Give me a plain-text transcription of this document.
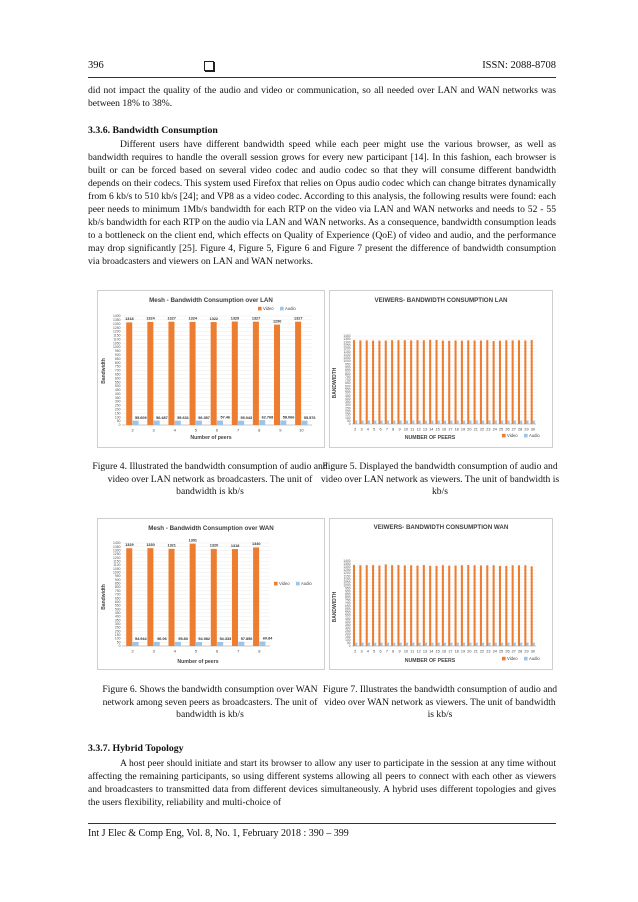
396	ISSN: 2088-8708

did not impact the quality of the audio and video or communication, so all needed over LAN and WAN networks was between 18% to 38%.

3.3.6. Bandwidth Consumption

Different users have different bandwidth speed while each peer might use the various browser, as well as bandwidth requires to handle the overall session grows for every new participant [14]. In this fashion, each browser is built or can be forced based on several video codec and audio codec so that they will consume different bandwidth depends on their codecs. This system used Firefox that relies on Opus audio codec which can change bitrates dynamically from 6 kb/s to 510 kb/s [24]; and VP8 as a video codec. According to this analysis, the following results were found: each peer needs to minimum 1Mb/s bandwidth for each RTP on the video via LAN and WAN networks and needs to 52 - 55 kb/s bandwidth for each RTP on the audio via LAN and WAN networks. As a consequence, bandwidth consumption leads to a bottleneck on the client end, which effects on Quality of Experience (QoE) of video and audio, and the performance may drop significantly [25]. Figure 4, Figure 5, Figure 6 and Figure 7 present the difference of bandwidth consumption via broadcasters and viewers on LAN and WAN networks.

Mesh - Bandwidth Consumption over LAN
0
50
100
150
200
250
300
350
400
450
500
550
600
650
700
750
800
850
900
950
1000
1050
1100
1150
1200
1250
1300
1350
1400
1318
55.609
2
1324
56.487
3
1327
55.631
4
1324
56.357
5
1322
57.46
6
1329
55.043
7
1327
62.768
8
1290
58.066
9
1327
55.576
10
Number of peers
Bandwidth
Video	Audio
VEIWERS- BANDWIDTH CONSUMPTION LAN
0
50
100
150
200
250
300
350
400
450
500
550
600
650
700
750
800
850
900
950
1000
1050
1100
1150
1200
1250
1300
1350
1400
2 3 4 5 6 7 8 9 10 11 12 13 14 15 16 17 18 19 20 21 22 23 24 25 26 27 28 29 30
NUMBER OF PEERS
BANDWIDTH
Video	Audio
Figure 4. Illustrated the bandwidth consumption of audio and video over LAN network as broadcasters. The unit of bandwidth is kb/s
Figure 5. Displayed the bandwidth consumption of audio and video over LAN network as viewers. The unit of bandwidth is kb/s
Mesh - Bandwidth Consumption over WAN
0
50
100
150
200
250
300
350
400
450
500
550
600
650
700
750
800
850
900
950
1000
1050
1100
1150
1200
1250
1300
1350
1400 1329
54.944
2
1330
56.06
3
1321
55.83
4
1391
54.082
5
1320
54.333
6
1318
57.856
7
1340
60.84
8
Number of peers
Bandwidth
Video	Audio
VEIWERS- BANDWIDTH CONSUMPTION WAN
0
50
100
150
200
250
300
350
400
450
500
550
600
650
700
750
800
850
900
950
1000
1050
1100
1150
1200
1250
1300
1350
1400
2 3 4 5 6 7 8 9 10 11 12 13 14 15 16 17 18 19 20 21 22 23 24 25 26 27 28 29 30
NUMBER OF PEERS
BANDWIDTH
Video	Audio
Figure 6. Shows the bandwidth consumption over WAN network among seven peers as broadcasters. The unit of bandwidth is kb/s
Figure 7. Illustrates the bandwidth consumption of audio and video over WAN network as viewers. The unit of bandwidth is kb/s
3.3.7. Hybrid Topology

A host peer should initiate and start its browser to allow any user to participate in the session at any time without affecting the remaining participants, so using different systems allowing all peers to connect with each other as viewers and broadcasters to transmitted data from different devices simultaneously. A hybrid uses different topologies and gives the users flexibility, reliability and multi-choice of

Int J Elec & Comp Eng, Vol. 8, No. 1, February 2018 : 390 – 399
